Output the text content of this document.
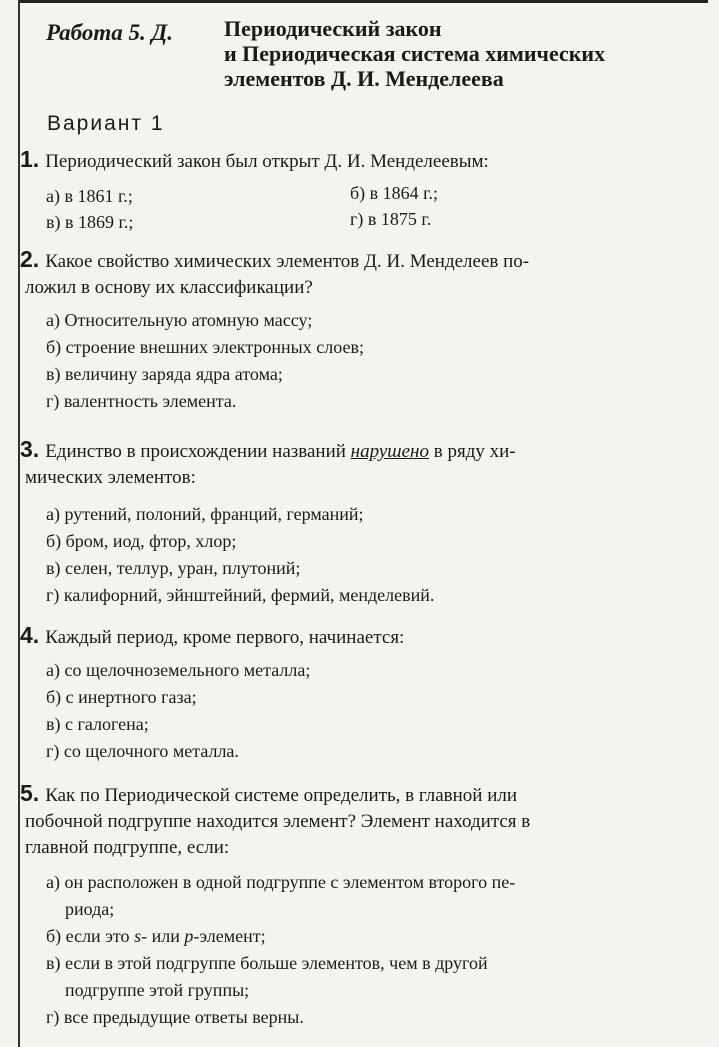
Работа 5. Д.	Периодический закон
и Периодическая система химических
элементов Д. И. Менделеева
Вариант 1
1. Периодический закон был открыт Д. И. Менделеевым:
а) в 1861 г.;	б) в 1864 г.;
в) в 1869 г.;	г) в 1875 г.
2. Какое свойство химических элементов Д. И. Менделеев по-
ложил в основу их классификации?
а) Относительную атомную массу;
б) строение внешних электронных слоев;
в) величину заряда ядра атома;
г) валентность элемента.
3. Единство в происхождении названий нарушено в ряду хи-
мических элементов:
а) рутений, полоний, франций, германий;
б) бром, иод, фтор, хлор;
в) селен, теллур, уран, плутоний;
г) калифорний, эйнштейний, фермий, менделевий.
4. Каждый период, кроме первого, начинается:
а) со щелочноземельного металла;
б) с инертного газа;
в) с галогена;
г) со щелочного металла.
5. Как по Периодической системе определить, в главной или
побочной подгруппе находится элемент? Элемент находится в
главной подгруппе, если:
а) он расположен в одной подгруппе с элементом второго пе-
риода;
б) если это s- или p-элемент;
в) если в этой подгруппе больше элементов, чем в другой
подгруппе этой группы;
г) все предыдущие ответы верны.
